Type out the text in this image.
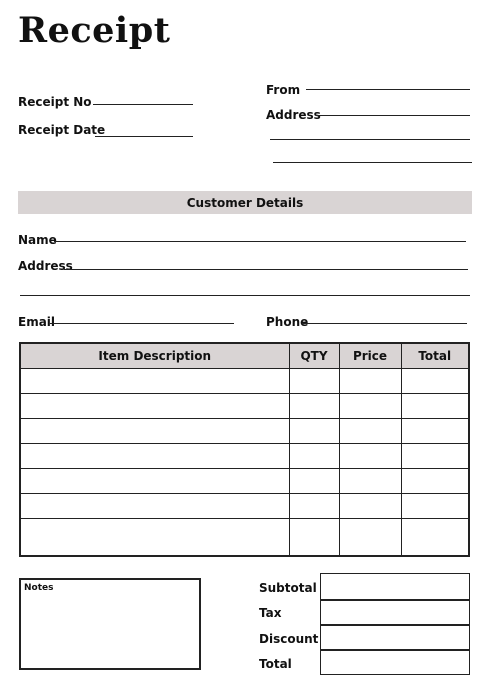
Receipt
Receipt No
Receipt Date
From
Address
Customer Details
Name
Address
Email	Phone
Item Description	QTY	Price	Total

Notes	Subtotal
Tax
Discount
Total
